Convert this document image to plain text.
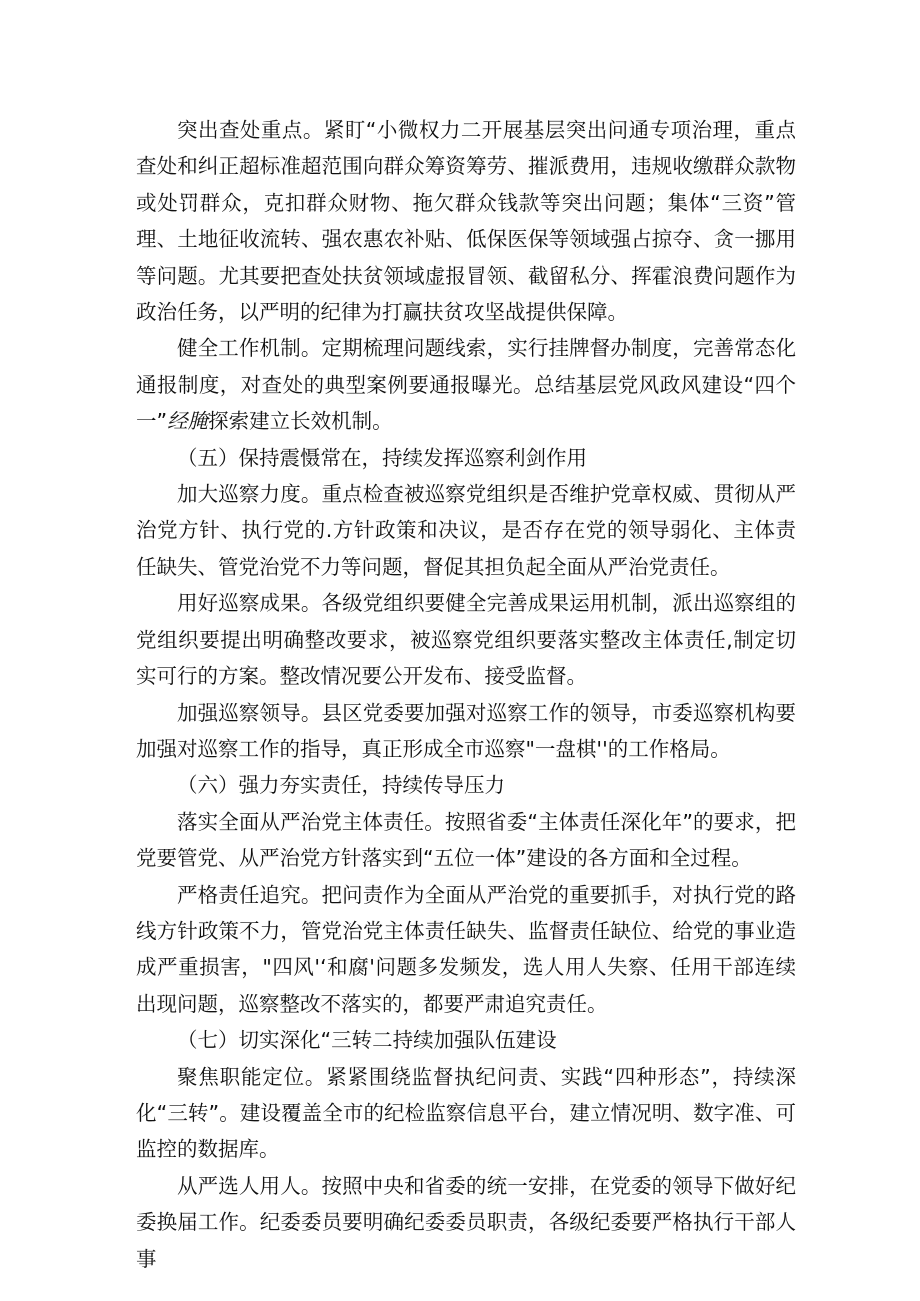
突出查处重点。紧盯“小微权力二开展基层突出问通专项治理，重点查处和纠正超标准超范围向群众筹资筹劳、摧派费用，违规收缴群众款物或处罚群众，克扣群众财物、拖欠群众钱款等突出问题；集体“三资”管理、土地征收流转、强农惠农补贴、低保医保等领域强占掠夺、贪一挪用等问题。尤其要把查处扶贫领域虚报冒领、截留私分、挥霍浪费问题作为政治任务，以严明的纪律为打赢扶贫攻坚战提供保障。

健全工作机制。定期梳理问题线索，实行挂牌督办制度，完善常态化通报制度，对查处的典型案例要通报曝光。总结基层党风政风建设“四个一”经腌探索建立长效机制。

（五）保持震慑常在，持续发挥巡察利剑作用

加大巡察力度。重点检查被巡察党组织是否维护党章权威、贯彻从严治党方针、执行党的.方针政策和决议，是否存在党的领导弱化、主体责任缺失、管党治党不力等问题，督促其担负起全面从严治党责任。

用好巡察成果。各级党组织要健全完善成果运用机制，派出巡察组的党组织要提出明确整改要求，被巡察党组织要落实整改主体责任,制定切实可行的方案。整改情况要公开发布、接受监督。

加强巡察领导。县区党委要加强对巡察工作的领导，市委巡察机构要加强对巡察工作的指导，真正形成全市巡察"一盘棋''的工作格局。

（六）强力夯实责任，持续传导压力

落实全面从严治党主体责任。按照省委“主体责任深化年”的要求，把党要管党、从严治党方针落实到“五位一体”建设的各方面和全过程。

严格责任追究。把问责作为全面从严治党的重要抓手，对执行党的路线方针政策不力，管党治党主体责任缺失、监督责任缺位、给党的事业造成严重损害，"四风'‘和腐'问题多发频发，选人用人失察、任用干部连续出现问题，巡察整改不落实的，都要严肃追究责任。

（七）切实深化“三转二持续加强队伍建设

聚焦职能定位。紧紧围绕监督执纪问责、实践“四种形态”，持续深化“三转”。建设覆盖全市的纪检监察信息平台，建立情况明、数字准、可监控的数据库。

从严选人用人。按照中央和省委的统一安排，在党委的领导下做好纪委换届工作。纪委委员要明确纪委委员职责，各级纪委要严格执行干部人事
